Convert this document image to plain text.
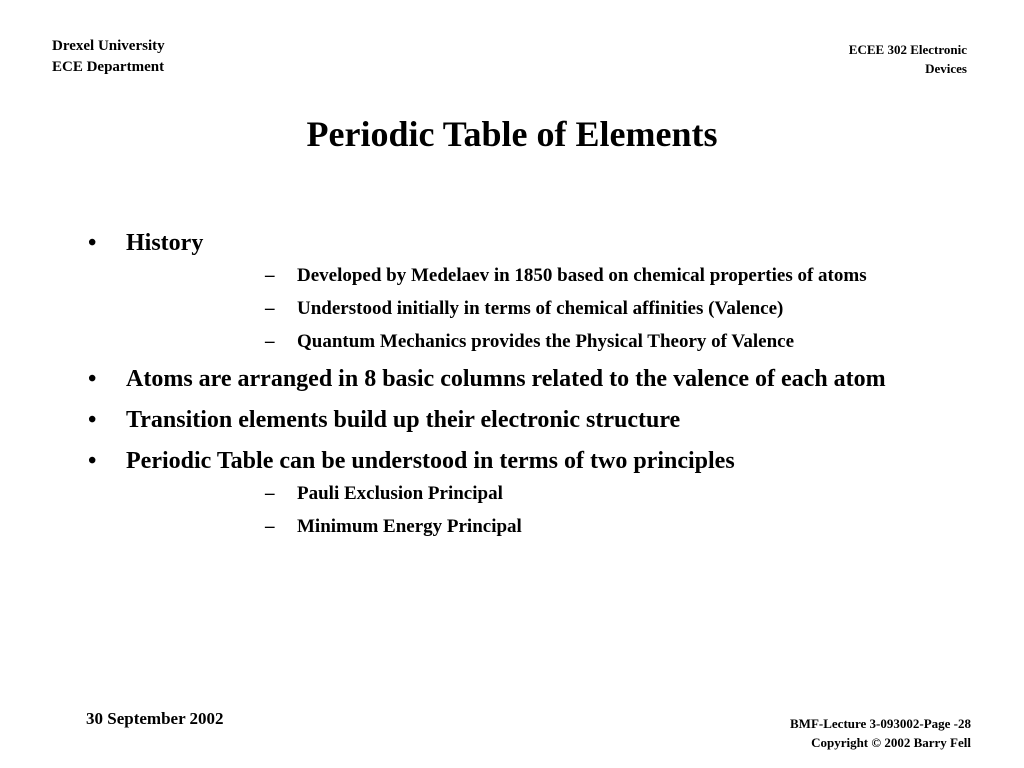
Drexel University
ECE Department
ECEE 302 Electronic
Devices
Periodic Table of Elements
• History
– Developed by Medelaev in 1850 based on chemical properties of atoms
– Understood initially in terms of chemical affinities (Valence)
– Quantum Mechanics provides the Physical Theory of Valence
• Atoms are arranged in 8 basic columns related to the valence of each atom
• Transition elements build up their electronic structure
• Periodic Table can be understood in terms of two principles
– Pauli Exclusion Principal
– Minimum Energy Principal
30 September 2002	BMF-Lecture 3-093002-Page -28
Copyright © 2002 Barry Fell
